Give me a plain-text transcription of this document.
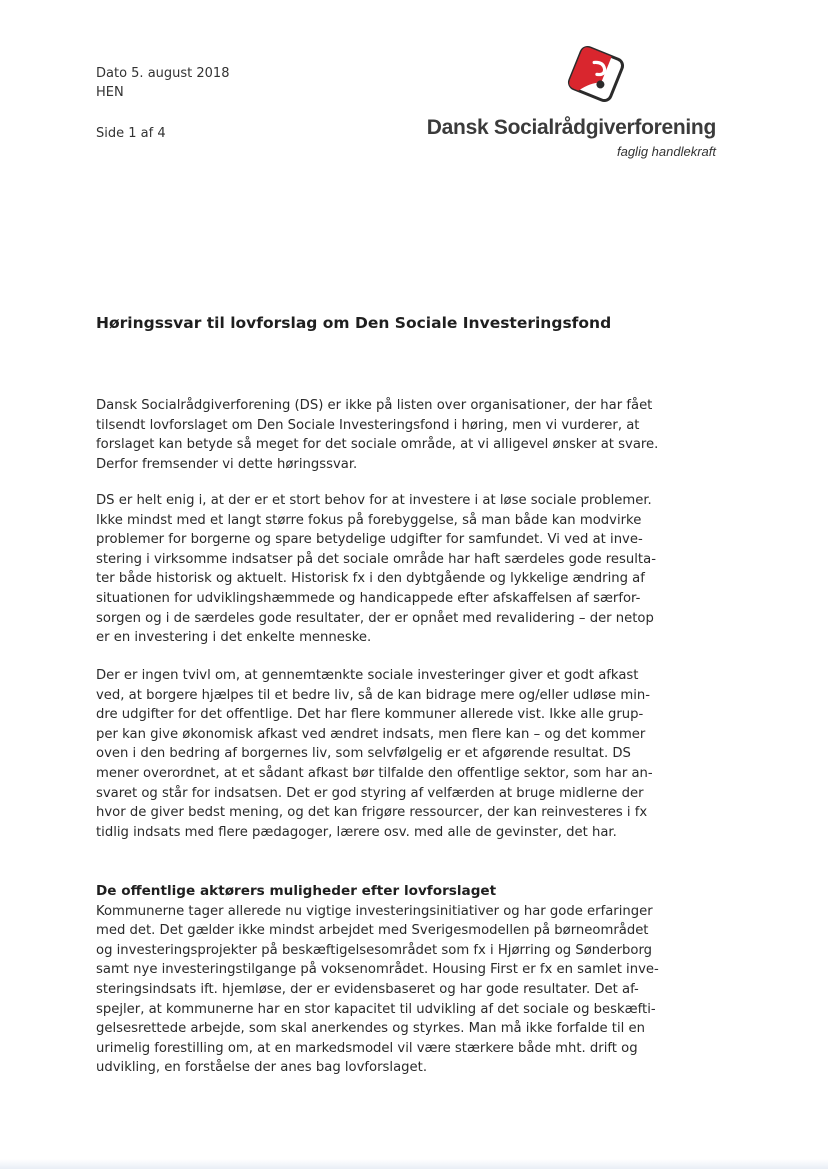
Dato 5. august 2018
HEN
Side 1 af 4	Dansk Socialrådgiverforening
faglig handlekraft
Høringssvar til lovforslag om Den Sociale Investeringsfond
Dansk Socialrådgiverforening (DS) er ikke på listen over organisationer, der har fået
tilsendt lovforslaget om Den Sociale Investeringsfond i høring, men vi vurderer, at
forslaget kan betyde så meget for det sociale område, at vi alligevel ønsker at svare.
Derfor fremsender vi dette høringssvar.
DS er helt enig i, at der er et stort behov for at investere i at løse sociale problemer.
Ikke mindst med et langt større fokus på forebyggelse, så man både kan modvirke
problemer for borgerne og spare betydelige udgifter for samfundet. Vi ved at inve-
stering i virksomme indsatser på det sociale område har haft særdeles gode resulta-
ter både historisk og aktuelt. Historisk fx i den dybtgående og lykkelige ændring af
situationen for udviklingshæmmede og handicappede efter afskaffelsen af særfor-
sorgen og i de særdeles gode resultater, der er opnået med revalidering – der netop
er en investering i det enkelte menneske.
Der er ingen tvivl om, at gennemtænkte sociale investeringer giver et godt afkast
ved, at borgere hjælpes til et bedre liv, så de kan bidrage mere og/eller udløse min-
dre udgifter for det offentlige. Det har flere kommuner allerede vist. Ikke alle grup-
per kan give økonomisk afkast ved ændret indsats, men flere kan – og det kommer
oven i den bedring af borgernes liv, som selvfølgelig er et afgørende resultat. DS
mener overordnet, at et sådant afkast bør tilfalde den offentlige sektor, som har an-
svaret og står for indsatsen. Det er god styring af velfærden at bruge midlerne der
hvor de giver bedst mening, og det kan frigøre ressourcer, der kan reinvesteres i fx
tidlig indsats med flere pædagoger, lærere osv. med alle de gevinster, det har.
De offentlige aktørers muligheder efter lovforslaget
Kommunerne tager allerede nu vigtige investeringsinitiativer og har gode erfaringer
med det. Det gælder ikke mindst arbejdet med Sverigesmodellen på børneområdet
og investeringsprojekter på beskæftigelsesområdet som fx i Hjørring og Sønderborg
samt nye investeringstilgange på voksenområdet. Housing First er fx en samlet inve-
steringsindsats ift. hjemløse, der er evidensbaseret og har gode resultater. Det af-
spejler, at kommunerne har en stor kapacitet til udvikling af det sociale og beskæfti-
gelsesrettede arbejde, som skal anerkendes og styrkes. Man må ikke forfalde til en
urimelig forestilling om, at en markedsmodel vil være stærkere både mht. drift og
udvikling, en forståelse der anes bag lovforslaget.
